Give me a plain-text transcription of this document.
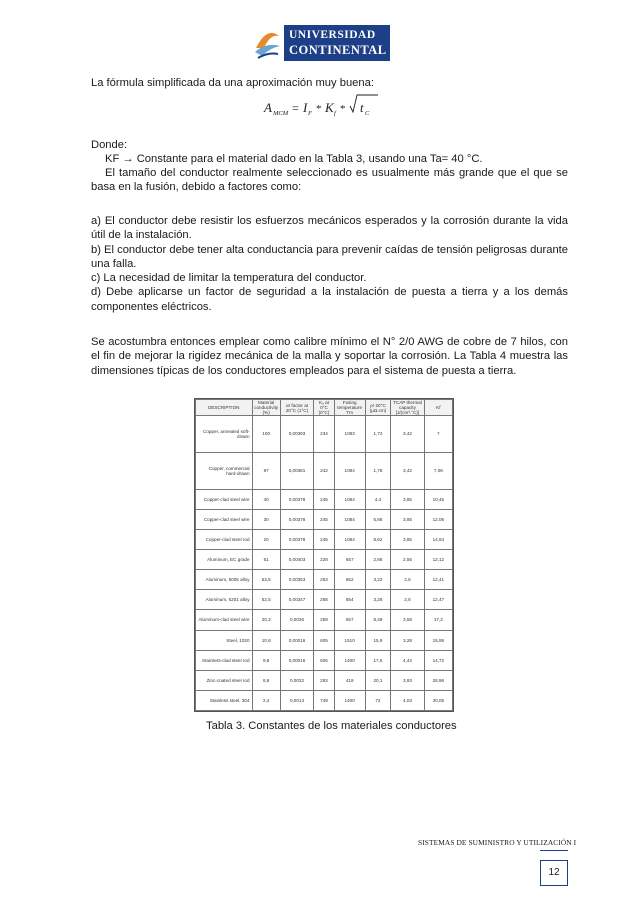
UNIVERSIDAD
CONTINENTAL
La fórmula simplificada da una aproximación muy buena:
A MCM = I F * K f * t C
Donde:
KF → Constante para el material dado en la Tabla 3, usando una Ta= 40 °C.
El tamaño del conductor realmente seleccionado es usualmente más grande que el que se basa en la fusión, debido a factores como:

a) El conductor debe resistir los esfuerzos mecánicos esperados y la corrosión durante la vida útil de la instalación.

b) El conductor debe tener alta conductancia para prevenir caídas de tensión peligrosas durante una falla.

c) La necesidad de limitar la temperatura del conductor.

d) Debe aplicarse un factor de seguridad a la instalación de puesta a tierra y a los demás componentes eléctricos.

Se acostumbra entonces emplear como calibre mínimo el N° 2/0 AWG de cobre de 7 hilos, con el fin de mejorar la rigidez mecánica de la malla y soportar la corrosión. La Tabla 4 muestra las dimensiones típicas de los conductores empleados para el sistema de puesta a tierra.
DESCRIPTION	Material conductivity (%)	αr factor at 20°C (1°C)	K₀ at 0°C (0°C)	Fusing temperature Tm	ρr 20°C (μΩ.cm)	TCAP thermal capacity [J/(cm³.°C)]	Kf
Copper, annealed soft-drawn	100	0,00393	234	1083	1,72	3,42	7
Copper, commercial hard-drawn	97	0,00381	242	1084	1,78	3,42	7,06
Copper-clad steel wire	40	0,00378	245	1084	4,4	3,85	10,45
Copper-clad steel wire	30	0,00378	245	1084	5,86	3,85	12,06
Copper-clad steel rod	20	0,00378	245	1084	8,62	3,85	14,64
Aluminum, EC grade	61	0,00403	228	657	2,86	2,56	12,12
Aluminum, 5005 alloy	53,5	0,00353	263	652	3,22	2,6	12,41
Aluminum, 6201 alloy	52,5	0,00347	268	654	3,28	2,6	12,47
Aluminum-clad steel wire	20,3	0,0036	258	657	8,48	3,58	17,2
Steel, 1020	10,8	0,00016	605	1510	15,9	3,28	15,95
Stainless-clad steel rod	9,8	0,00016	605	1400	17,5	4,44	14,72
Zinc-coated steel rod	8,6	0,0032	293	419	20,1	3,93	28,96
Stainless steel, 304	2,4	0,0013	749	1400	72	4,03	30,05
Tabla 3. Constantes de los materiales conductores
SISTEMAS DE SUMINISTRO Y UTILIZACIÓN I
12
